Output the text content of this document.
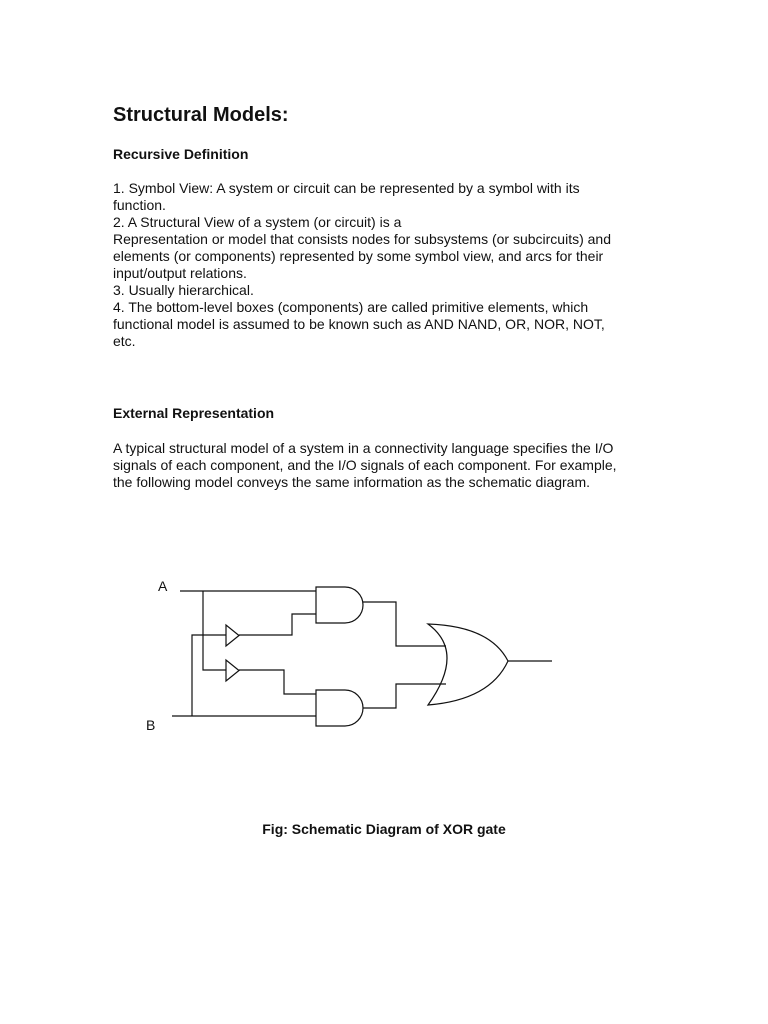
Structural Models:
Recursive Definition
1. Symbol View: A system or circuit can be represented by a symbol with its
function.
2. A Structural View of a system (or circuit) is a
Representation or model that consists nodes for subsystems (or subcircuits) and
elements (or components) represented by some symbol view, and arcs for their
input/output relations.
3. Usually hierarchical.
4. The bottom-level boxes (components) are called primitive elements, which
functional model is assumed to be known such as AND NAND, OR, NOR, NOT,
etc.
External Representation
A typical structural model of a system in a connectivity language specifies the I/O
signals of each component, and the I/O signals of each component. For example,
the following model conveys the same information as the schematic diagram.
A
B
Fig: Schematic Diagram of XOR gate
